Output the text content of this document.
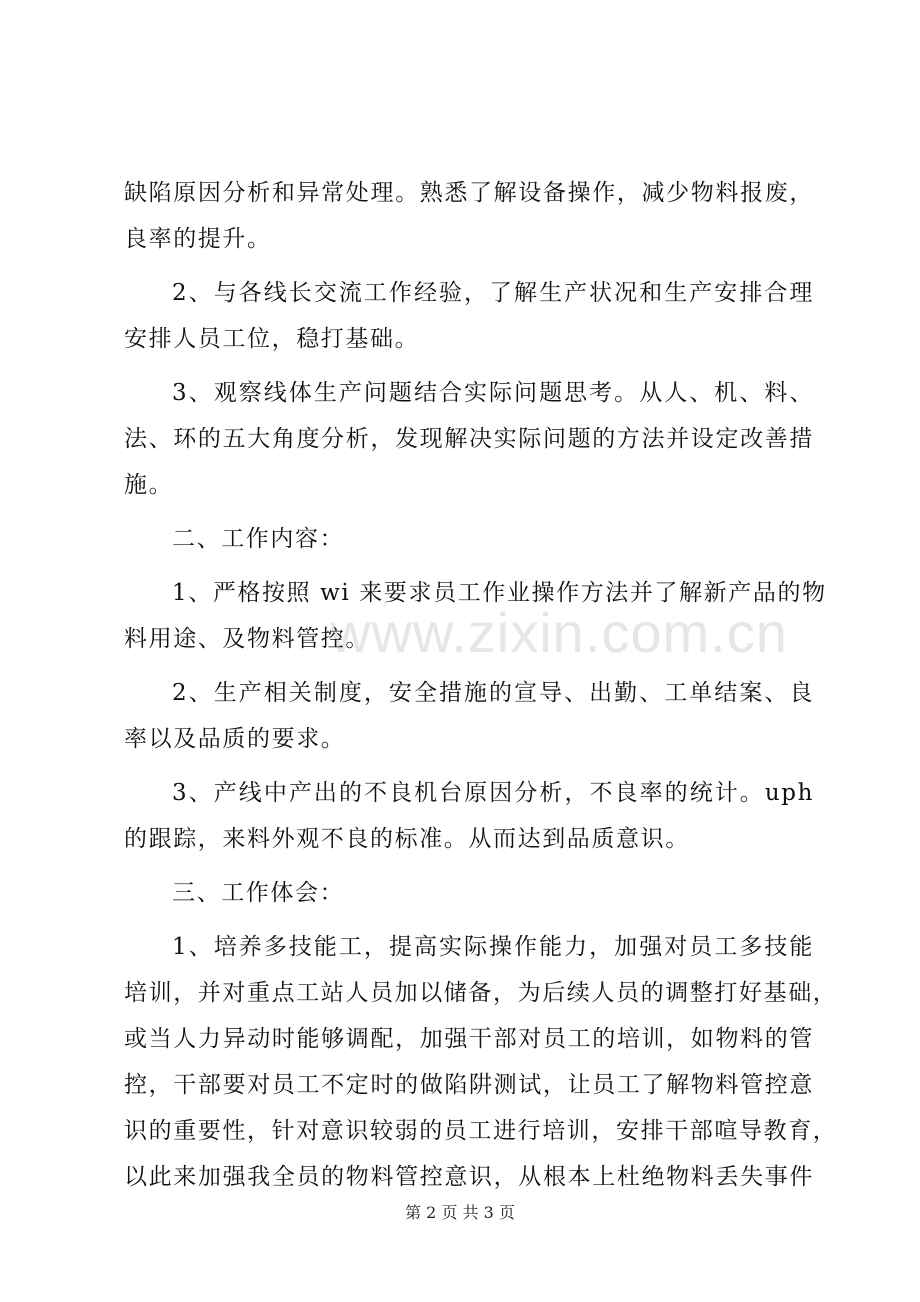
www.zixin.com.cn
缺陷原因分析和异常处理。熟悉了解设备操作，减少物料报废，
良率的提升。
2、与各线长交流工作经验，了解生产状况和生产安排合理
安排人员工位，稳打基础。
3、观察线体生产问题结合实际问题思考。从人、机、料、
法、环的五大角度分析，发现解决实际问题的方法并设定改善措
施。
二、工作内容：
1、严格按照 wi 来要求员工作业操作方法并了解新产品的物
料用途、及物料管控。
2、生产相关制度，安全措施的宣导、出勤、工单结案、良
率以及品质的要求。
3、产线中产出的不良机台原因分析，不良率的统计。uph
的跟踪，来料外观不良的标准。从而达到品质意识。
三、工作体会：
1、培养多技能工，提高实际操作能力，加强对员工多技能
培训，并对重点工站人员加以储备，为后续人员的调整打好基础，
或当人力异动时能够调配，加强干部对员工的培训，如物料的管
控，干部要对员工不定时的做陷阱测试，让员工了解物料管控意
识的重要性，针对意识较弱的员工进行培训，安排干部喧导教育，
以此来加强我全员的物料管控意识，从根本上杜绝物料丢失事件
第 2 页 共 3 页
